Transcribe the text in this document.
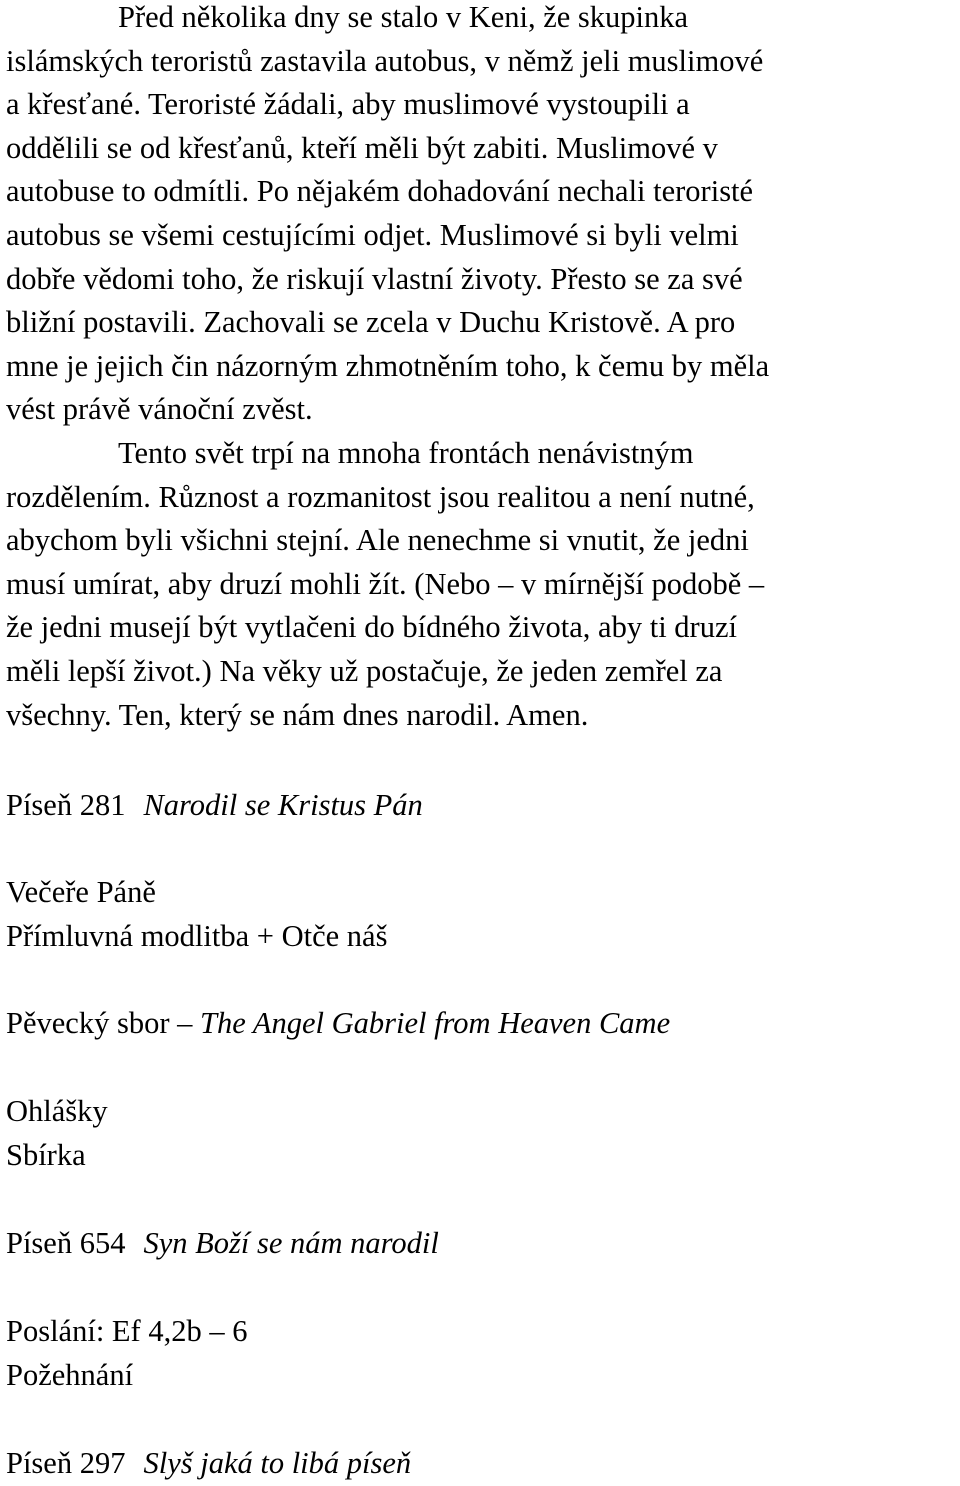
Před několika dny se stalo v Keni, že skupinka
islámských teroristů zastavila autobus, v němž jeli muslimové
a křesťané. Teroristé žádali, aby muslimové vystoupili a
oddělili se od křesťanů, kteří měli být zabiti. Muslimové v
autobuse to odmítli. Po nějakém dohadování nechali teroristé
autobus se všemi cestujícími odjet. Muslimové si byli velmi
dobře vědomi toho, že riskují vlastní životy. Přesto se za své
bližní postavili. Zachovali se zcela v Duchu Kristově. A pro
mne je jejich čin názorným zhmotněním toho, k čemu by měla
vést právě vánoční zvěst.
Tento svět trpí na mnoha frontách nenávistným
rozdělením. Různost a rozmanitost jsou realitou a není nutné,
abychom byli všichni stejní. Ale nenechme si vnutit, že jedni
musí umírat, aby druzí mohli žít. (Nebo – v mírnější podobě –
že jedni musejí být vytlačeni do bídného života, aby ti druzí
měli lepší život.) Na věky už postačuje, že jeden zemřel za
všechny. Ten, který se nám dnes narodil. Amen.
Píseň 281 Narodil se Kristus Pán
Večeře Páně
Přímluvná modlitba + Otče náš
Pěvecký sbor – The Angel Gabriel from Heaven Came
Ohlášky
Sbírka
Píseň 654 Syn Boží se nám narodil
Poslání: Ef 4,2b – 6
Požehnání
Píseň 297 Slyš jaká to libá píseň
